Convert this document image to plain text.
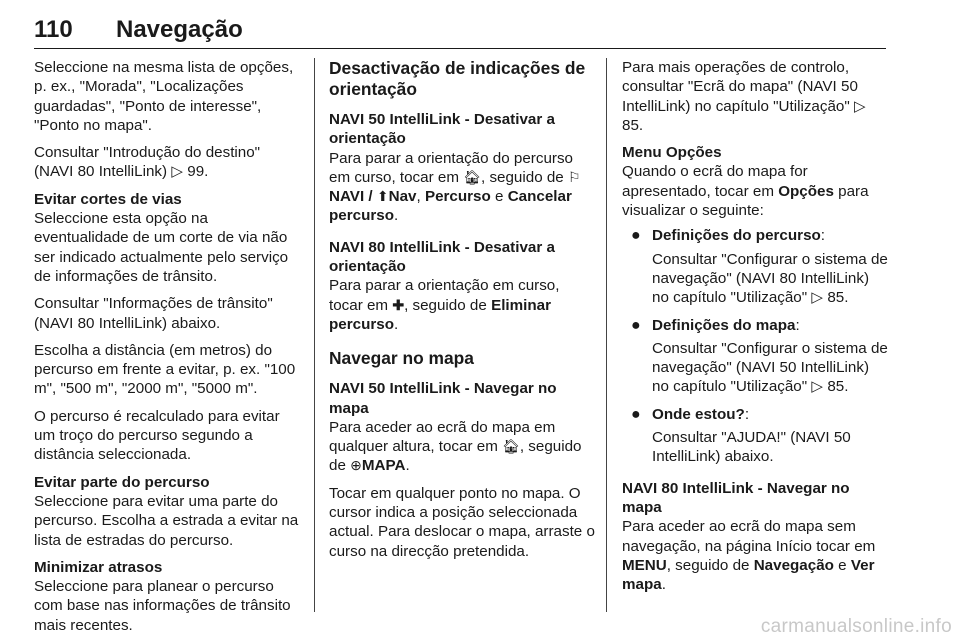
110 Navegação

Seleccione na mesma lista de opções, p. ex., "Morada", "Localizações guardadas", "Ponto de interesse", "Ponto no mapa".

Consultar "Introdução do destino" (NAVI 80 IntelliLink) ▷ 99.

Evitar cortes de vias

Seleccione esta opção na eventualidade de um corte de via não ser indicado actualmente pelo serviço de informações de trânsito.

Consultar "Informações de trânsito" (NAVI 80 IntelliLink) abaixo.

Escolha a distância (em metros) do percurso em frente a evitar, p. ex. "100 m", "500 m", "2000 m", "5000 m".

O percurso é recalculado para evitar um troço do percurso segundo a distância seleccionada.

Evitar parte do percurso

Seleccione para evitar uma parte do percurso. Escolha a estrada a evitar na lista de estradas do percurso.

Minimizar atrasos

Seleccione para planear o percurso com base nas informações de trânsito mais recentes.

Desactivação de indicações de orientação
NAVI 50 IntelliLink - Desativar a orientação

Para parar a orientação do percurso em curso, tocar em 🏠︎, seguido de ⚐NAVI / ⬆Nav, Percurso e Cancelar percurso.

NAVI 80 IntelliLink - Desativar a orientação

Para parar a orientação em curso, tocar em ✚, seguido de Eliminar percurso.

Navegar no mapa
NAVI 50 IntelliLink - Navegar no mapa

Para aceder ao ecrã do mapa em qualquer altura, tocar em 🏠︎, seguido de ⊕MAPA.

Tocar em qualquer ponto no mapa. O cursor indica a posição seleccionada actual. Para deslocar o mapa, arraste o curso na direcção pretendida.

Para mais operações de controlo, consultar "Ecrã do mapa" (NAVI 50 IntelliLink) no capítulo "Utilização" ▷ 85.

Menu Opções

Quando o ecrã do mapa for apresentado, tocar em Opções para visualizar o seguinte:

● Definições do percurso:
Consultar "Configurar o sistema de navegação" (NAVI 80 IntelliLink) no capítulo "Utilização" ▷ 85.
● Definições do mapa:
Consultar "Configurar o sistema de navegação" (NAVI 50 IntelliLink) no capítulo "Utilização" ▷ 85.
● Onde estou?:
Consultar "AJUDA!" (NAVI 50 IntelliLink) abaixo.
NAVI 80 IntelliLink - Navegar no mapa

Para aceder ao ecrã do mapa sem navegação, na página Início tocar em MENU, seguido de Navegação e Ver mapa.

carmanualsonline.info
